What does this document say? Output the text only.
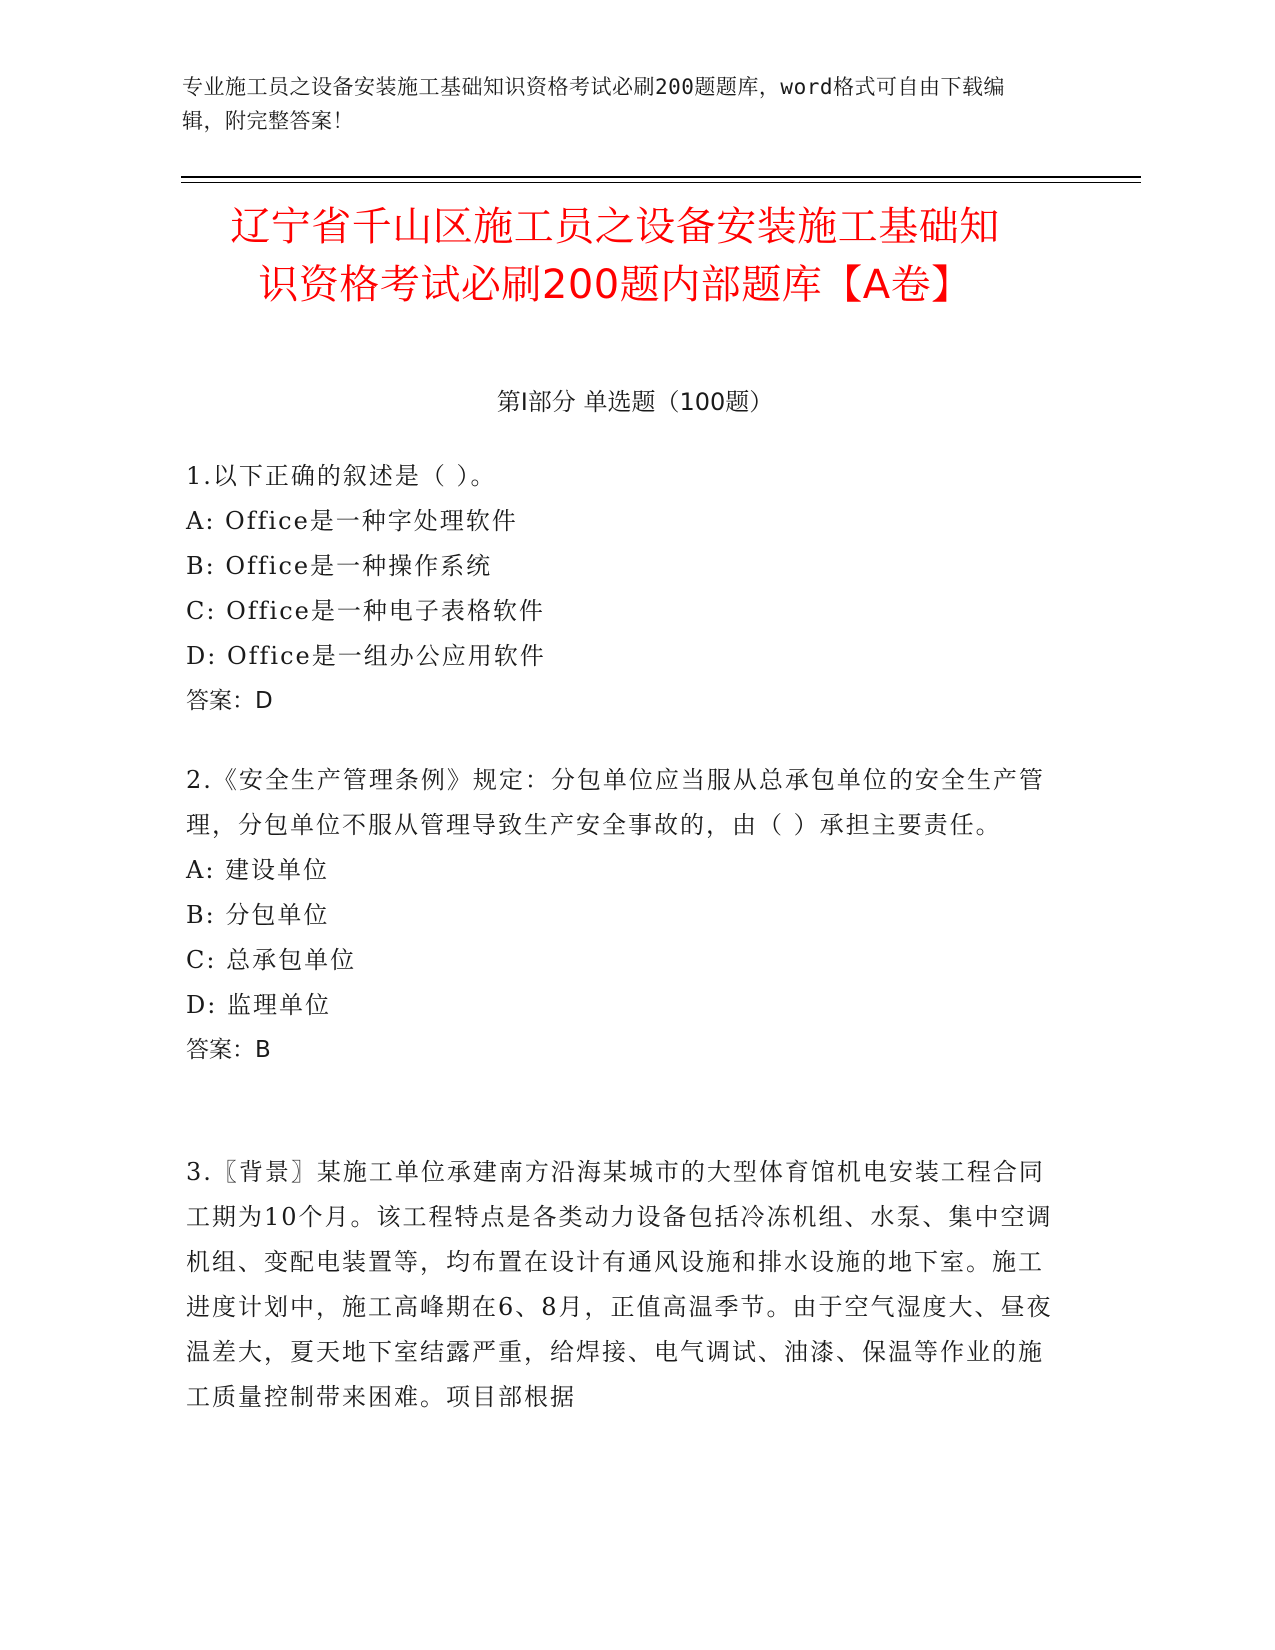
专业施工员之设备安装施工基础知识资格考试必刷200题题库，word格式可自由下载编辑，附完整答案！
辽宁省千山区施工员之设备安装施工基础知
识资格考试必刷200题内部题库【A卷】
第I部分 单选题（100题）

1.以下正确的叙述是（ ）。

A: Office是一种字处理软件

B: Office是一种操作系统

C: Office是一种电子表格软件

D: Office是一组办公应用软件

答案：D

2.《安全生产管理条例》规定：分包单位应当服从总承包单位的安全生产管理，分包单位不服从管理导致生产安全事故的，由（ ）承担主要责任。

A: 建设单位

B: 分包单位

C: 总承包单位

D: 监理单位

答案：B

3.〖背景〗某施工单位承建南方沿海某城市的大型体育馆机电安装工程合同工期为10个月。该工程特点是各类动力设备包括冷冻机组、水泵、集中空调机组、变配电装置等，均布置在设计有通风设施和排水设施的地下室。施工进度计划中，施工高峰期在6、8月，正值高温季节。由于空气湿度大、昼夜温差大，夏天地下室结露严重，给焊接、电气调试、油漆、保温等作业的施工质量控制带来困难。项目部根据
